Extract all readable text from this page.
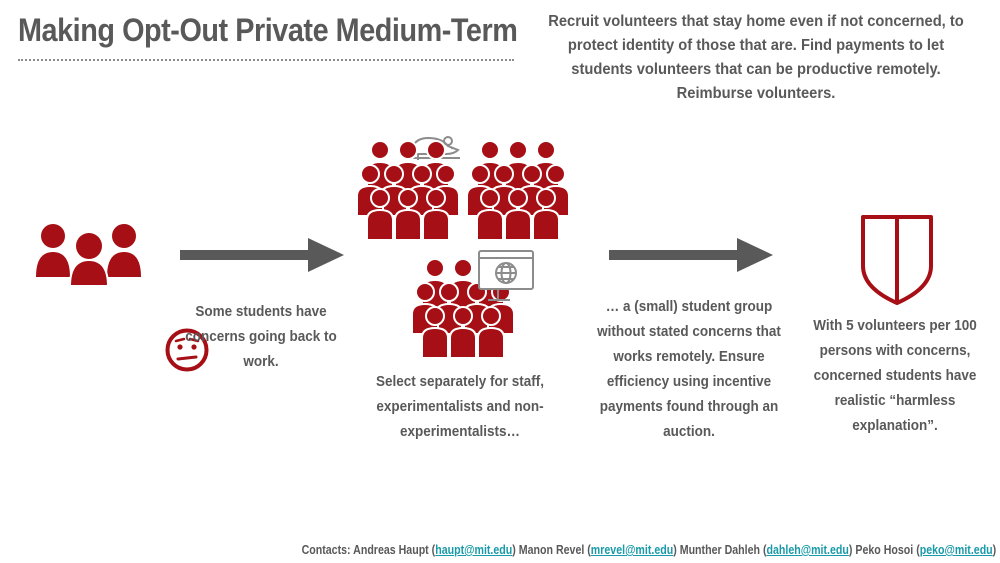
Making Opt-Out Private Medium-Term	Recruit volunteers that stay home even if not concerned, to protect identity of those that are. Find payments to let students volunteers that can be productive remotely. Reimburse volunteers.
Some students have concerns going back to work.
Select separately for staff, experimentalists and non-experimentalists…
… a (small) student group without stated concerns that works remotely. Ensure efficiency using incentive payments found through an auction.
With 5 volunteers per 100 persons with concerns, concerned students have realistic “harmless explanation”.
Contacts: Andreas Haupt (haupt@mit.edu) Manon Revel (mrevel@mit.edu) Munther Dahleh (dahleh@mit.edu) Peko Hosoi (peko@mit.edu)
